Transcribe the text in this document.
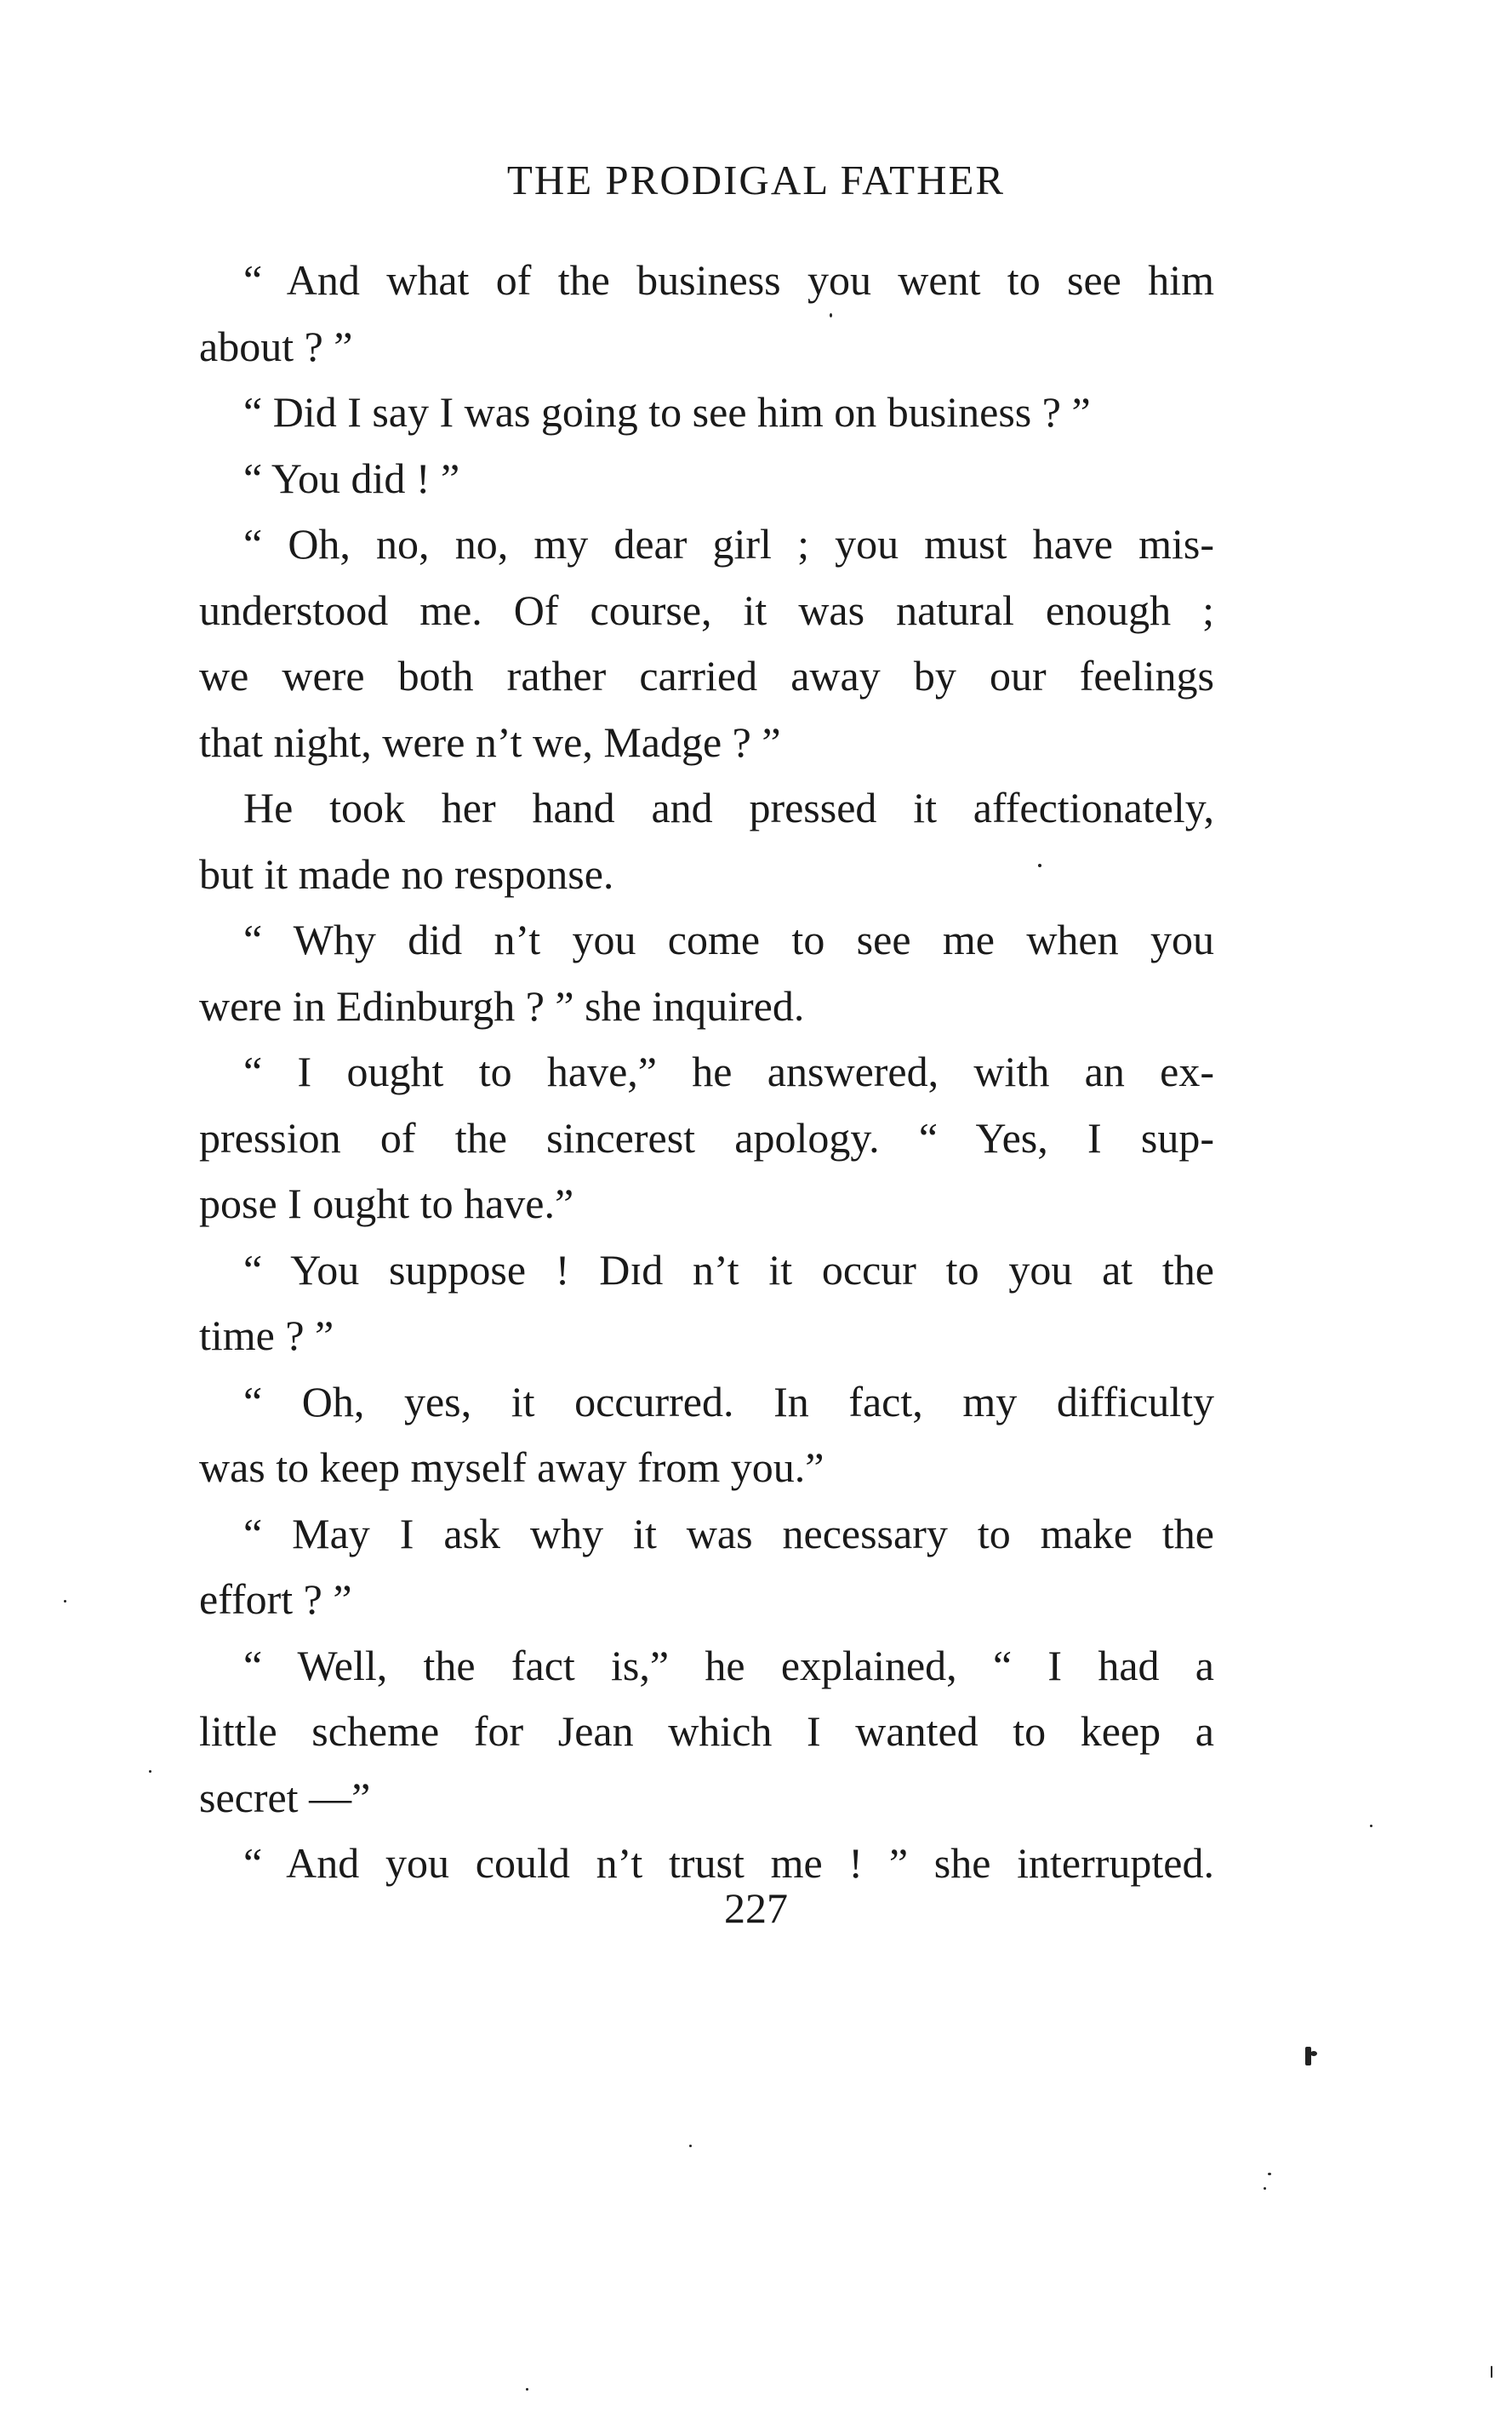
THE PRODIGAL FATHER

“ And what of the business you went to see him
about ? ”

“ Did I say I was going to see him on business ? ”

“ You did ! ”

“ Oh, no, no, my dear girl ; you must have mis-
understood me. Of course, it was natural enough ;
we were both rather carried away by our feelings
that night, were n’t we, Madge ? ”

He took her hand and pressed it affectionately,
but it made no response.

“ Why did n’t you come to see me when you
were in Edinburgh ? ” she inquired.

“ I ought to have,” he answered, with an ex-
pression of the sincerest apology. “ Yes, I sup-
pose I ought to have.”

“ You suppose ! Dɪd n’t it occur to you at the
time ? ”

“ Oh, yes, it occurred. In fact, my difficulty
was to keep myself away from you.”

“ May I ask why it was necessary to make the
effort ? ”

“ Well, the fact is,” he explained, “ I had a
little scheme for Jean which I wanted to keep a
secret —”

“ And you could n’t trust me ! ” she interrupted.

227
